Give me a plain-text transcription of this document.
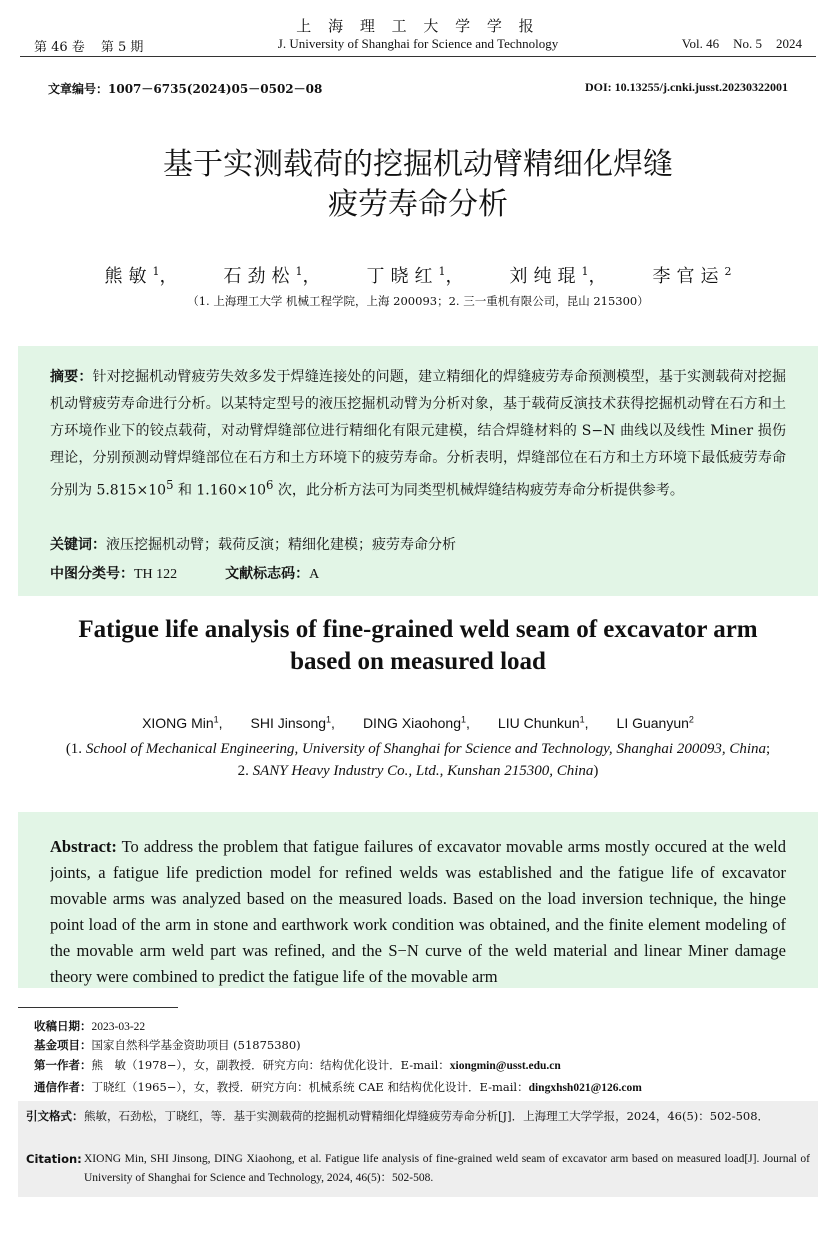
第 46 卷 第 5 期
上 海 理 工 大 学 学 报
J. University of Shanghai for Science and Technology	Vol. 46 No. 5 2024
文章编号：1007－6735(2024)05－0502－08	DOI: 10.13255/j.cnki.jusst.20230322001
基于实测载荷的挖掘机动臂精细化焊缝
疲劳寿命分析
熊敏$^1$， 石劲松$^1$， 丁晓红$^1$， 刘纯琨$^1$， 李官运$^2$
（1. 上海理工大学 机械工程学院，上海 200093；2. 三一重机有限公司，昆山 215300）

摘要：针对挖掘机动臂疲劳失效多发于焊缝连接处的问题，建立精细化的焊缝疲劳寿命预测模型，基于实测载荷对挖掘机动臂疲劳寿命进行分析。以某特定型号的液压挖掘机动臂为分析对象，基于载荷反演技术获得挖掘机动臂在石方和土方环境作业下的铰点载荷，对动臂焊缝部位进行精细化有限元建模，结合焊缝材料的 S−N 曲线以及线性 Miner 损伤理论，分别预测动臂焊缝部位在石方和土方环境下的疲劳寿命。分析表明，焊缝部位在石方和土方环境下最低疲劳寿命分别为 $5.815\times 10^5$ 和 $1.160\times 10^6$ 次，此分析方法可为同类型机械焊缝结构疲劳寿命分析提供参考。

关键词：液压挖掘机动臂；载荷反演；精细化建模；疲劳寿命分析
中图分类号：TH 122	文献标志码：A
Fatigue life analysis of fine-grained weld seam of excavator arm
based on measured load
XIONG Min$^1$, SHI Jinsong$^1$, DING Xiaohong$^1$, LIU Chunkun$^1$, LI Guanyun$^2$
(1. School of Mechanical Engineering, University of Shanghai for Science and Technology, Shanghai 200093, China;
2. SANY Heavy Industry Co., Ltd., Kunshan 215300, China)

Abstract: To address the problem that fatigue failures of excavator movable arms mostly occured at the weld joints, a fatigue life prediction model for refined welds was established and the fatigue life of excavator movable arms was analyzed based on the measured loads. Based on the load inversion technique, the hinge point load of the arm in stone and earthwork work condition was obtained, and the finite element modeling of the movable arm weld part was refined, and the S−N curve of the weld material and linear Miner damage theory were combined to predict the fatigue life of the movable arm

收稿日期：2023-03-22
基金项目：国家自然科学基金资助项目 (51875380)
第一作者：熊　敏（1978−），女，副教授．研究方向：结构优化设计．E-mail：xiongmin@usst.edu.cn
通信作者：丁晓红（1965−），女，教授．研究方向：机械系统 CAE 和结构优化设计．E-mail：dingxhsh021@126.com
引文格式： 熊敏，石劲松，丁晓红，等．基于实测载荷的挖掘机动臂精细化焊缝疲劳寿命分析[J]．上海理工大学学报，2024，46(5)：502-508．
Citation: XIONG Min, SHI Jinsong, DING Xiaohong, et al. Fatigue life analysis of fine-grained weld seam of excavator arm based on measured load[J]. Journal of University of Shanghai for Science and Technology, 2024, 46(5)：502-508.
